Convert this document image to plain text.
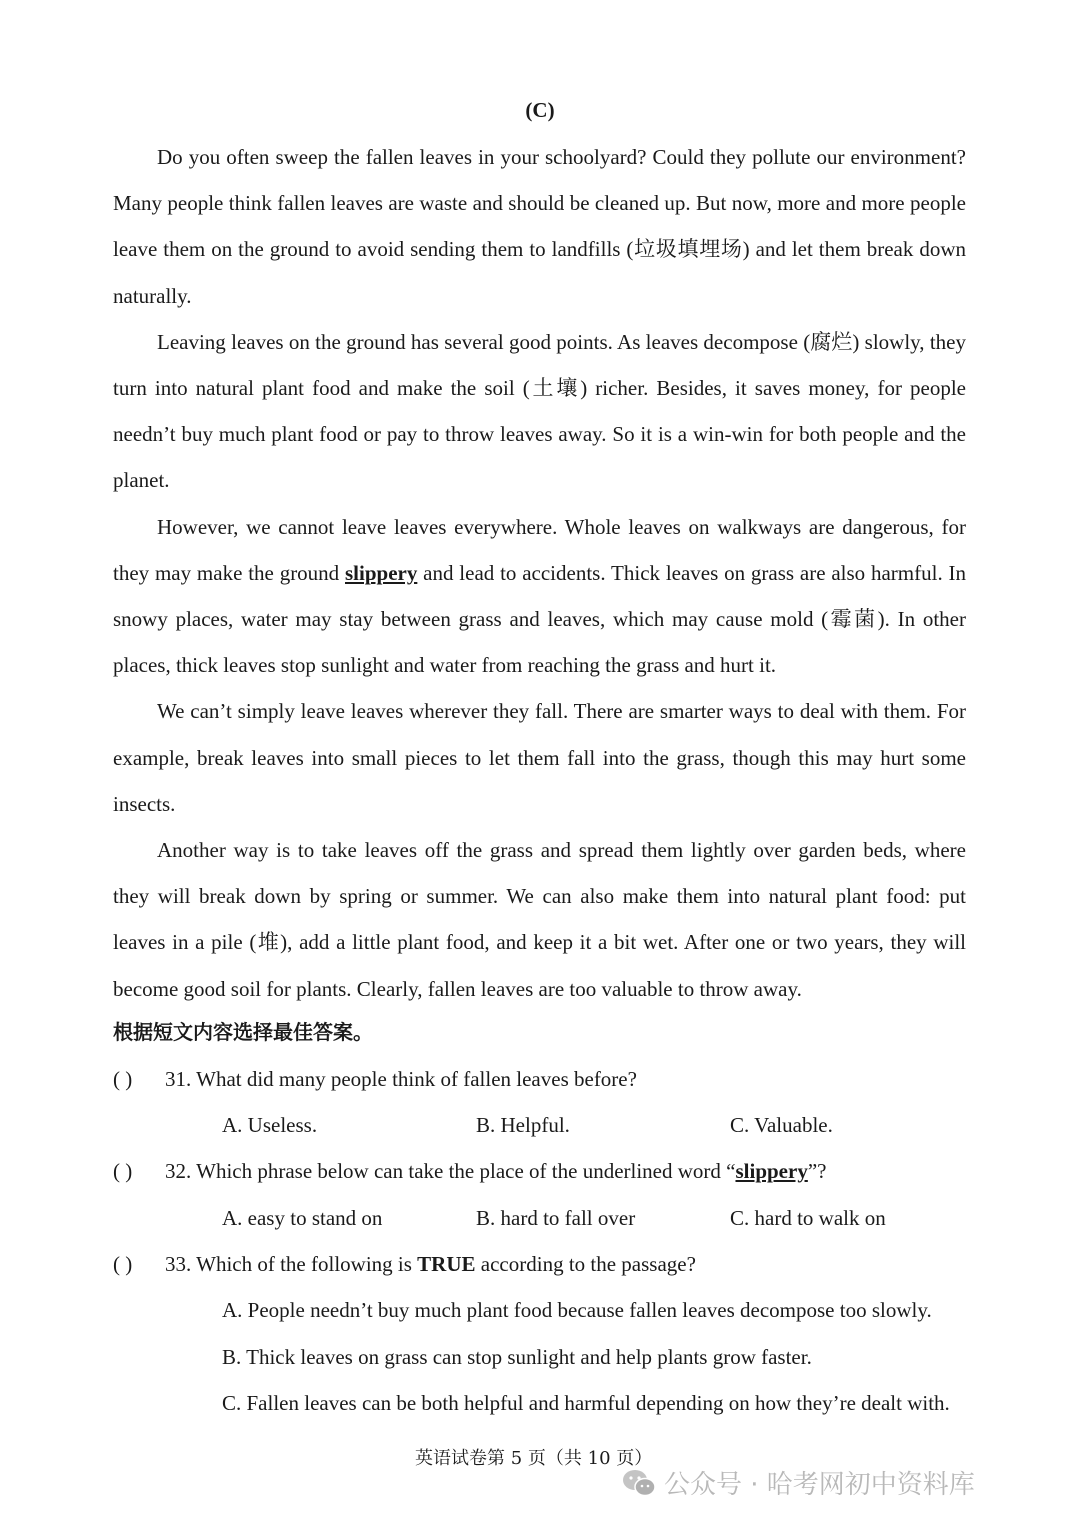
(C)

Do you often sweep the fallen leaves in your schoolyard? Could they pollute our environment? Many people think fallen leaves are waste and should be cleaned up. But now, more and more people leave them on the ground to avoid sending them to landfills (垃圾填埋场) and let them break down naturally.

Leaving leaves on the ground has several good points. As leaves decompose (腐烂) slowly, they turn into natural plant food and make the soil (土壤) richer. Besides, it saves money, for people needn’t buy much plant food or pay to throw leaves away. So it is a win-win for both people and the planet.

However, we cannot leave leaves everywhere. Whole leaves on walkways are dangerous, for they may make the ground slippery and lead to accidents. Thick leaves on grass are also harmful. In snowy places, water may stay between grass and leaves, which may cause mold (霉菌). In other places, thick leaves stop sunlight and water from reaching the grass and hurt it.

We can’t simply leave leaves wherever they fall. There are smarter ways to deal with them. For example, break leaves into small pieces to let them fall into the grass, though this may hurt some insects.

Another way is to take leaves off the grass and spread them lightly over garden beds, where they will break down by spring or summer. We can also make them into natural plant food: put leaves in a pile (堆), add a little plant food, and keep it a bit wet. After one or two years, they will become good soil for plants. Clearly, fallen leaves are too valuable to throw away.

根据短文内容选择最佳答案。
( ) 31. What did many people think of fallen leaves before?
A. Useless.	B. Helpful.	C. Valuable.
( ) 32. Which phrase below can take the place of the underlined word “slippery”?
A. easy to stand on	B. hard to fall over	C. hard to walk on
( ) 33. Which of the following is TRUE according to the passage?
A. People needn’t buy much plant food because fallen leaves decompose too slowly.
B. Thick leaves on grass can stop sunlight and help plants grow faster.
C. Fallen leaves can be both helpful and harmful depending on how they’re dealt with.
英语试卷第 5 页（共 10 页）
公众号 · 哈考网初中资料库
